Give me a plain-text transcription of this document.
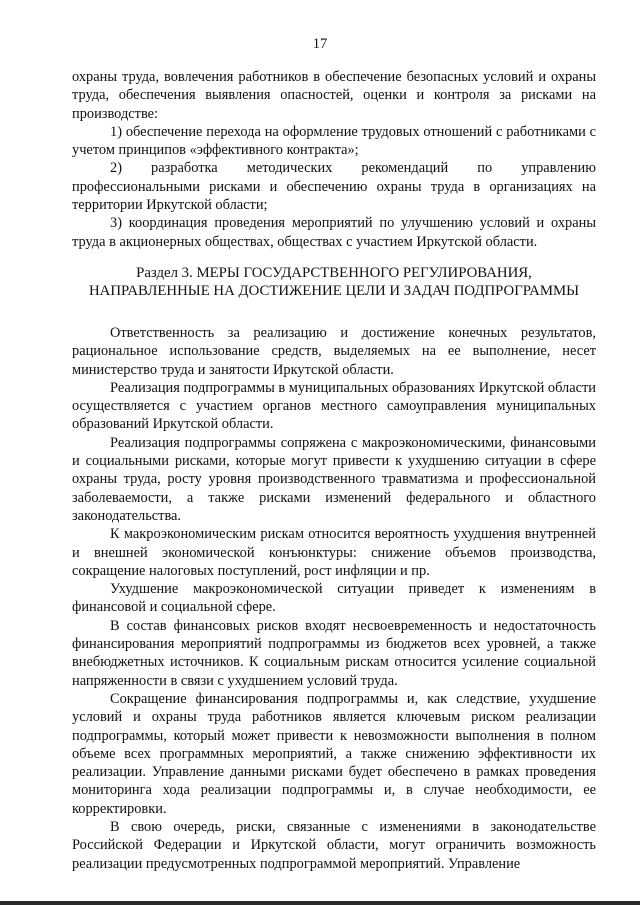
17

охраны труда, вовлечения работников в обеспечение безопасных условий и охраны труда, обеспечения выявления опасностей, оценки и контроля за рисками на производстве:

1) обеспечение перехода на оформление трудовых отношений с работниками с учетом принципов «эффективного контракта»;

2) разработка методических рекомендаций по управлению профессиональными рисками и обеспечению охраны труда в организациях на территории Иркутской области;

3) координация проведения мероприятий по улучшению условий и охраны труда в акционерных обществах, обществах с участием Иркутской области.

Раздел 3. МЕРЫ ГОСУДАРСТВЕННОГО РЕГУЛИРОВАНИЯ,
НАПРАВЛЕННЫЕ НА ДОСТИЖЕНИЕ ЦЕЛИ И ЗАДАЧ ПОДПРОГРАММЫ

Ответственность за реализацию и достижение конечных результатов, рациональное использование средств, выделяемых на ее выполнение, несет министерство труда и занятости Иркутской области.

Реализация подпрограммы в муниципальных образованиях Иркутской области осуществляется с участием органов местного самоуправления муниципальных образований Иркутской области.

Реализация подпрограммы сопряжена с макроэкономическими, финансовыми и социальными рисками, которые могут привести к ухудшению ситуации в сфере охраны труда, росту уровня производственного травматизма и профессиональной заболеваемости, а также рисками изменений федерального и областного законодательства.

К макроэкономическим рискам относится вероятность ухудшения внутренней и внешней экономической конъюнктуры: снижение объемов производства, сокращение налоговых поступлений, рост инфляции и пр.

Ухудшение макроэкономической ситуации приведет к изменениям в финансовой и социальной сфере.

В состав финансовых рисков входят несвоевременность и недостаточность финансирования мероприятий подпрограммы из бюджетов всех уровней, а также внебюджетных источников. К социальным рискам относится усиление социальной напряженности в связи с ухудшением условий труда.

Сокращение финансирования подпрограммы и, как следствие, ухудшение условий и охраны труда работников является ключевым риском реализации подпрограммы, который может привести к невозможности выполнения в полном объеме всех программных мероприятий, а также снижению эффективности их реализации. Управление данными рисками будет обеспечено в рамках проведения мониторинга хода реализации подпрограммы и, в случае необходимости, ее корректировки.

В свою очередь, риски, связанные с изменениями в законодательстве Российской Федерации и Иркутской области, могут ограничить возможность реализации предусмотренных подпрограммой мероприятий. Управление
